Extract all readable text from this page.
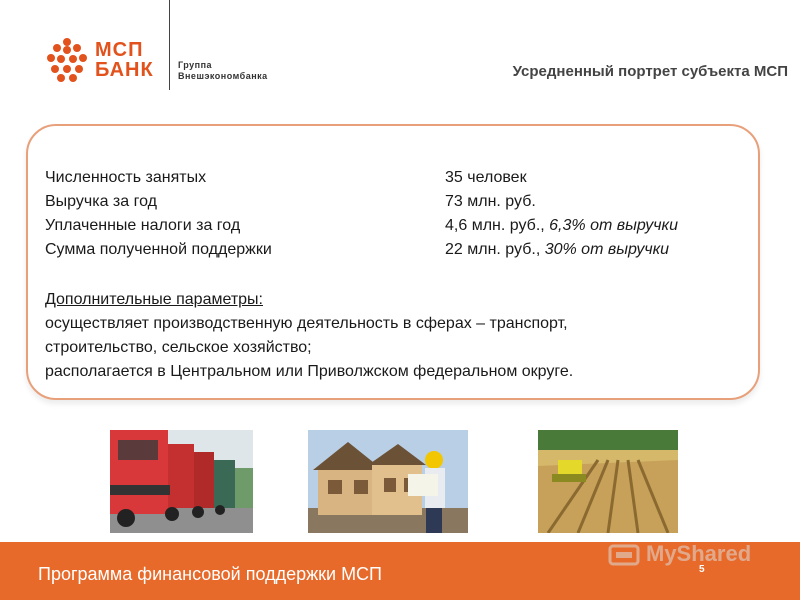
МСП
БАНК	Группа
Внешэкономбанка	Усредненный портрет субъекта МСП
Численность занятых	35 человек
Выручка за год	73 млн. руб.
Уплаченные налоги за год	4,6 млн. руб., 6,3% от выручки
Сумма полученной поддержки	22 млн. руб., 30% от выручки
Дополнительные параметры:
осуществляет производственную деятельность в сферах – транспорт,
строительство, сельское хозяйство;
располагается в Центральном или Приволжском федеральном округе.
Программа финансовой поддержки МСП	5
MyShared
